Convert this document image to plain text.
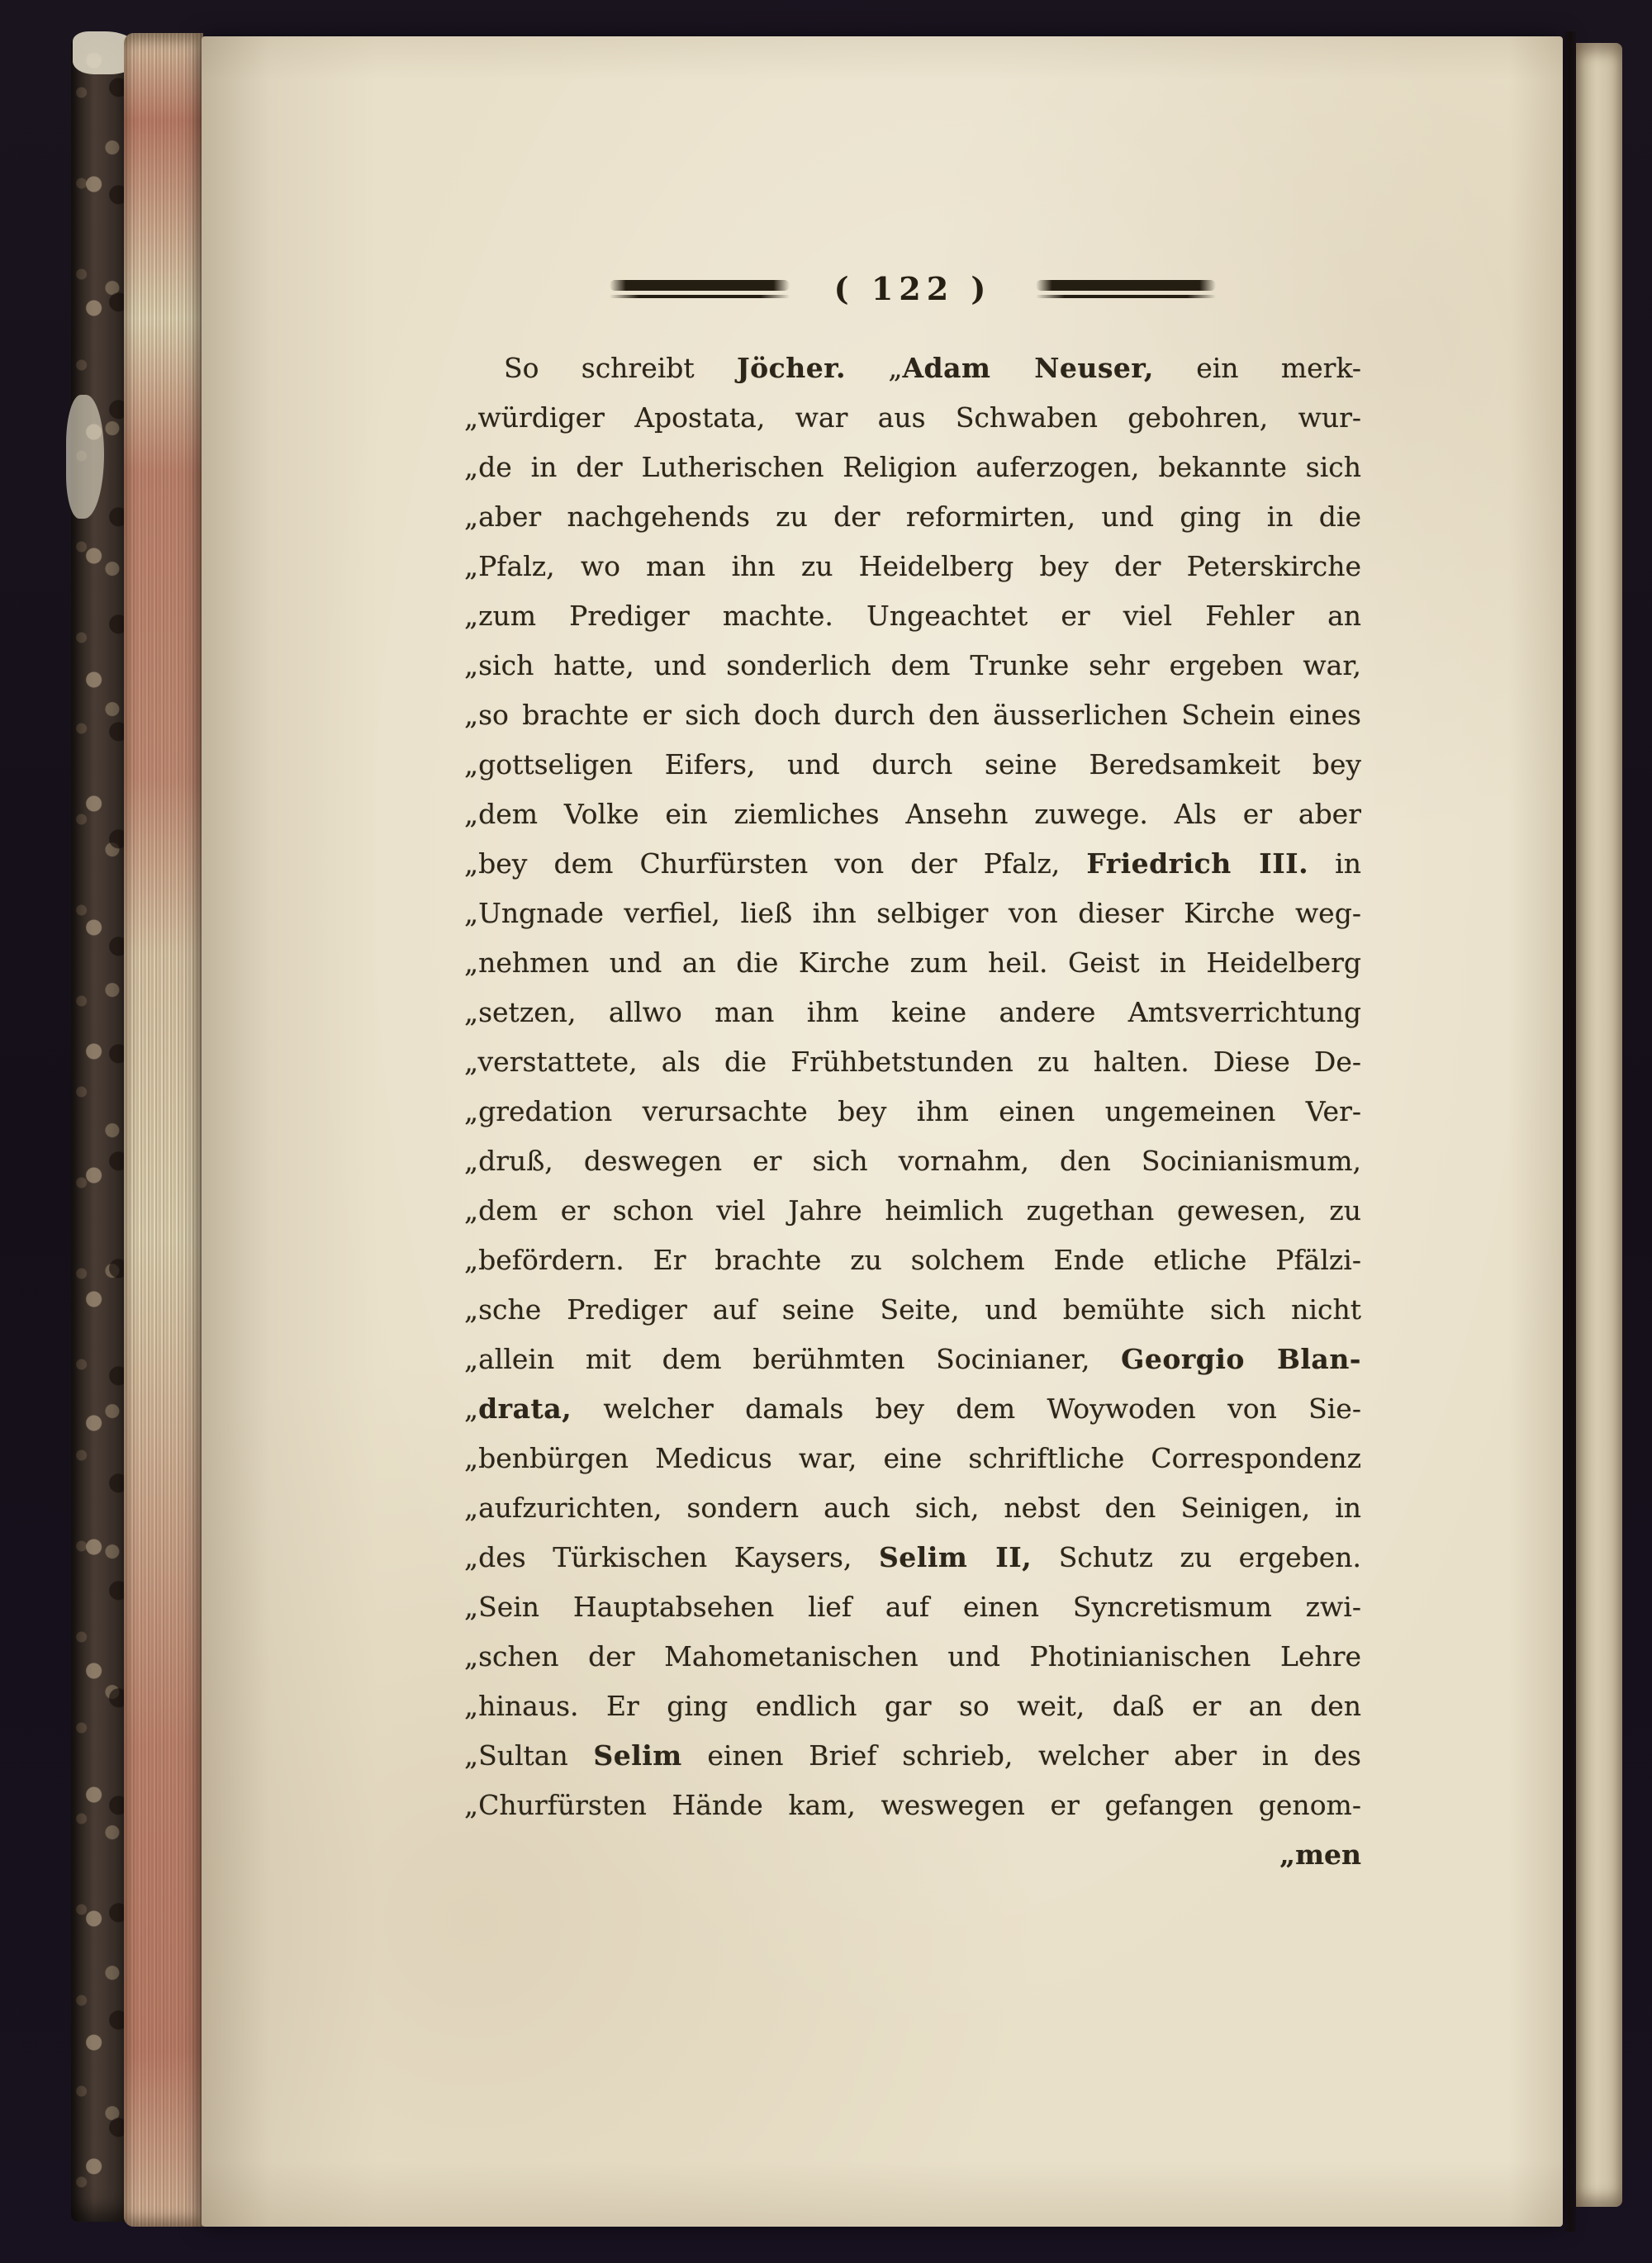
( 122 )
So schreibt Jöcher. „Adam Neuser, ein merk-
„würdiger Apostata, war aus Schwaben gebohren, wur-
„de in der Lutherischen Religion auferzogen, bekannte sich
„aber nachgehends zu der reformirten, und ging in die
„Pfalz, wo man ihn zu Heidelberg bey der Peterskirche
„zum Prediger machte. Ungeachtet er viel Fehler an
„sich hatte, und sonderlich dem Trunke sehr ergeben war,
„so brachte er sich doch durch den äusserlichen Schein eines
„gottseligen Eifers, und durch seine Beredsamkeit bey
„dem Volke ein ziemliches Ansehn zuwege. Als er aber
„bey dem Churfürsten von der Pfalz, Friedrich III. in
„Ungnade verfiel, ließ ihn selbiger von dieser Kirche weg-
„nehmen und an die Kirche zum heil. Geist in Heidelberg
„setzen, allwo man ihm keine andere Amtsverrichtung
„verstattete, als die Frühbetstunden zu halten. Diese De-
„gredation verursachte bey ihm einen ungemeinen Ver-
„druß, deswegen er sich vornahm, den Socinianismum,
„dem er schon viel Jahre heimlich zugethan gewesen, zu
„befördern. Er brachte zu solchem Ende etliche Pfälzi-
„sche Prediger auf seine Seite, und bemühte sich nicht
„allein mit dem berühmten Socinianer, Georgio Blan-
„drata, welcher damals bey dem Woywoden von Sie-
„benbürgen Medicus war, eine schriftliche Correspondenz
„aufzurichten, sondern auch sich, nebst den Seinigen, in
„des Türkischen Kaysers, Selim II, Schutz zu ergeben.
„Sein Hauptabsehen lief auf einen Syncretismum zwi-
„schen der Mahometanischen und Photinianischen Lehre
„hinaus. Er ging endlich gar so weit, daß er an den
„Sultan Selim einen Brief schrieb, welcher aber in des
„Churfürsten Hände kam, weswegen er gefangen genom-
„men
